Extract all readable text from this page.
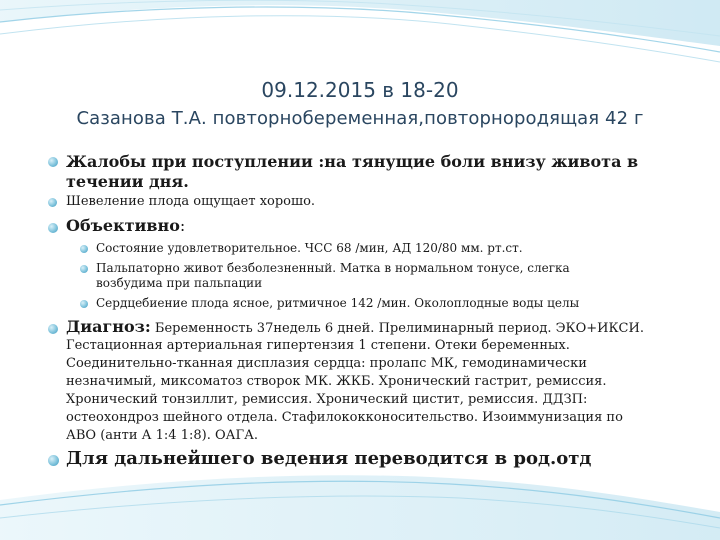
09.12.2015 в 18-20
Сазанова Т.А. повторнобеременная,повторнородящая 42 г
Жалобы при поступлении :на тянущие боли внизу живота в
течении дня.
Шевеление плода ощущает хорошо.
Объективно:
Состояние удовлетворительное. ЧСС 68 /мин, АД 120/80 мм. рт.ст.
Пальпаторно живот безболезненный. Матка в нормальном тонусе, слегка
возбудима при пальпации
Сердцебиение плода ясное, ритмичное 142 /мин. Околоплодные воды целы
Диагноз: Беременность 37недель 6 дней. Прелиминарный период. ЭКО+ИКСИ.
Гестационная артериальная гипертензия 1 степени. Отеки беременных.
Соединительно-тканная дисплазия сердца: пролапс МК, гемодинамически
незначимый, миксоматоз створок МК. ЖКБ. Хронический гастрит, ремиссия.
Хронический тонзиллит, ремиссия. Хронический цистит, ремиссия. ДДЗП:
остеохондроз шейного отдела. Стафилококконосительство. Изоиммунизация по
АВО (анти А 1:4 1:8). ОАГА.
Для дальнейшего ведения переводится в род.отд
